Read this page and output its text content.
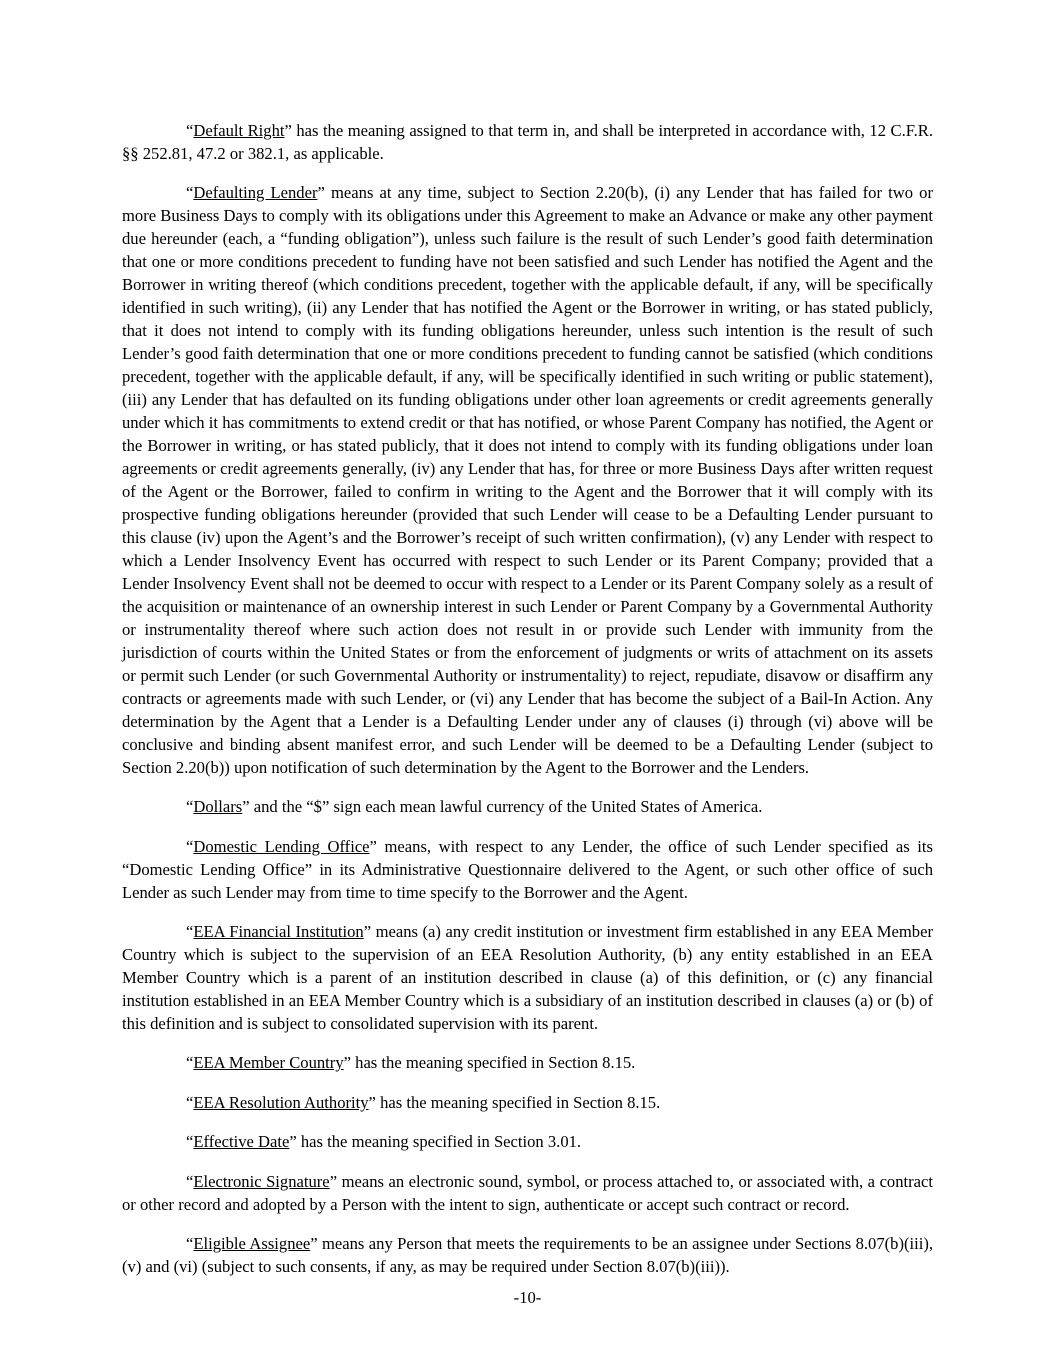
“Default Right” has the meaning assigned to that term in, and shall be interpreted in accordance with, 12 C.F.R. §§ 252.81, 47.2 or 382.1, as applicable.

“Defaulting Lender” means at any time, subject to Section 2.20(b), (i) any Lender that has failed for two or more Business Days to comply with its obligations under this Agreement to make an Advance or make any other payment due hereunder (each, a “funding obligation”), unless such failure is the result of such Lender’s good faith determination that one or more conditions precedent to funding have not been satisfied and such Lender has notified the Agent and the Borrower in writing thereof (which conditions precedent, together with the applicable default, if any, will be specifically identified in such writing), (ii) any Lender that has notified the Agent or the Borrower in writing, or has stated publicly, that it does not intend to comply with its funding obligations hereunder, unless such intention is the result of such Lender’s good faith determination that one or more conditions precedent to funding cannot be satisfied (which conditions precedent, together with the applicable default, if any, will be specifically identified in such writing or public statement), (iii) any Lender that has defaulted on its funding obligations under other loan agreements or credit agreements generally under which it has commitments to extend credit or that has notified, or whose Parent Company has notified, the Agent or the Borrower in writing, or has stated publicly, that it does not intend to comply with its funding obligations under loan agreements or credit agreements generally, (iv) any Lender that has, for three or more Business Days after written request of the Agent or the Borrower, failed to confirm in writing to the Agent and the Borrower that it will comply with its prospective funding obligations hereunder (provided that such Lender will cease to be a Defaulting Lender pursuant to this clause (iv) upon the Agent’s and the Borrower’s receipt of such written confirmation), (v) any Lender with respect to which a Lender Insolvency Event has occurred with respect to such Lender or its Parent Company; provided that a Lender Insolvency Event shall not be deemed to occur with respect to a Lender or its Parent Company solely as a result of the acquisition or maintenance of an ownership interest in such Lender or Parent Company by a Governmental Authority or instrumentality thereof where such action does not result in or provide such Lender with immunity from the jurisdiction of courts within the United States or from the enforcement of judgments or writs of attachment on its assets or permit such Lender (or such Governmental Authority or instrumentality) to reject, repudiate, disavow or disaffirm any contracts or agreements made with such Lender, or (vi) any Lender that has become the subject of a Bail-In Action. Any determination by the Agent that a Lender is a Defaulting Lender under any of clauses (i) through (vi) above will be conclusive and binding absent manifest error, and such Lender will be deemed to be a Defaulting Lender (subject to Section 2.20(b)) upon notification of such determination by the Agent to the Borrower and the Lenders.

“Dollars” and the “$” sign each mean lawful currency of the United States of America.

“Domestic Lending Office” means, with respect to any Lender, the office of such Lender specified as its “Domestic Lending Office” in its Administrative Questionnaire delivered to the Agent, or such other office of such Lender as such Lender may from time to time specify to the Borrower and the Agent.

“EEA Financial Institution” means (a) any credit institution or investment firm established in any EEA Member Country which is subject to the supervision of an EEA Resolution Authority, (b) any entity established in an EEA Member Country which is a parent of an institution described in clause (a) of this definition, or (c) any financial institution established in an EEA Member Country which is a subsidiary of an institution described in clauses (a) or (b) of this definition and is subject to consolidated supervision with its parent.

“EEA Member Country” has the meaning specified in Section 8.15.

“EEA Resolution Authority” has the meaning specified in Section 8.15.

“Effective Date” has the meaning specified in Section 3.01.

“Electronic Signature” means an electronic sound, symbol, or process attached to, or associated with, a contract or other record and adopted by a Person with the intent to sign, authenticate or accept such contract or record.

“Eligible Assignee” means any Person that meets the requirements to be an assignee under Sections 8.07(b)(iii), (v) and (vi) (subject to such consents, if any, as may be required under Section 8.07(b)(iii)).

-10-
